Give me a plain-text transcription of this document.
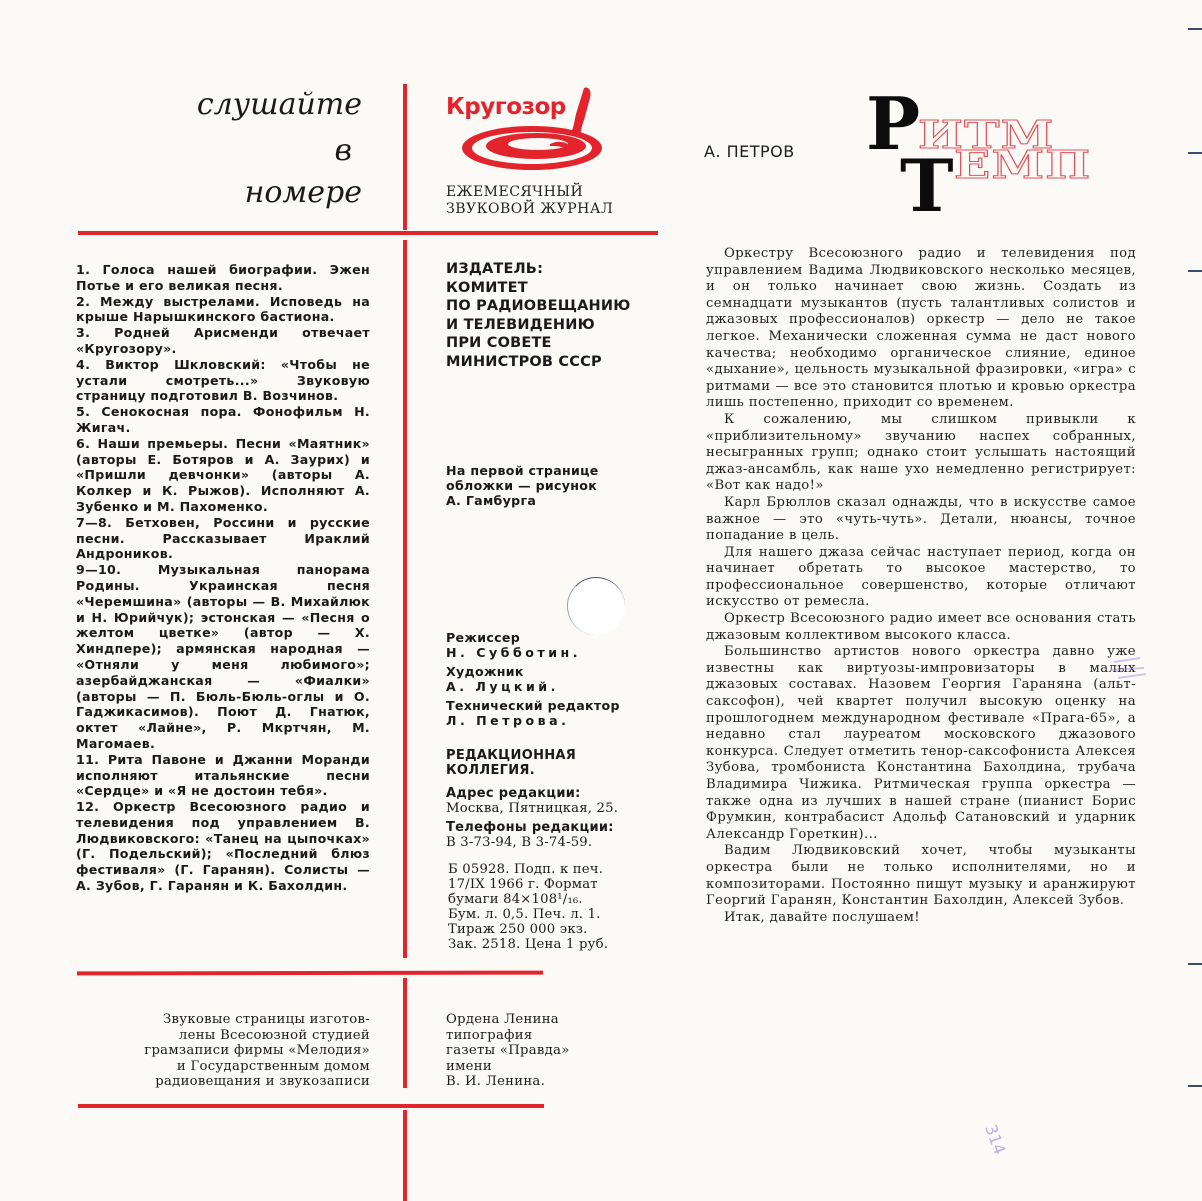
слушайте
в
номере
Кругозор
ЕЖЕМЕСЯЧНЫЙ
ЗВУКОВОЙ ЖУРНАЛ
А. ПЕТРОВ Р
ИТМ
Т ЕМП

1. Голоса нашей биографии. Эжен Потье и его великая песня.

2. Между выстрелами. Исповедь на крыше Нарышкинского бастиона.

3. Родней Арисменди отвечает «Кругозору».

4. Виктор Шкловский: «Чтобы не устали смотреть...» Звуковую страницу подготовил В. Возчинов.

5. Сенокосная пора. Фонофильм Н. Жигач.

6. Наши премьеры. Песни «Маятник» (авторы Е. Ботяров и А. Заурих) и «Пришли девчонки» (авторы А. Колкер и К. Рыжов). Исполняют А. Зубенко и М. Пахоменко.

7—8. Бетховен, Россини и русские песни. Рассказывает Ираклий Андроников.

9—10. Музыкальная панорама Родины. Украинская песня «Черемшина» (авторы — В. Михайлюк и Н. Юрийчук); эстонская — «Песня о желтом цветке» (автор — Х. Хиндпере); армянская народная — «Отняли у меня любимого»; азербайджанская — «Фиалки» (авторы — П. Бюль-Бюль-оглы и О. Гаджикасимов). Поют Д. Гнатюк, октет «Лайне», Р. Мкртчян, М. Магомаев.

11. Рита Павоне и Джанни Моранди исполняют итальянские песни «Сердце» и «Я не достоин тебя».

12. Оркестр Всесоюзного радио и телевидения под управлением В. Людвиковского: «Танец на цыпочках» (Г. Подельский); «Последний блюз фестиваля» (Г. Гаранян). Солисты — А. Зубов, Г. Гаранян и К. Бахолдин.

ИЗДАТЕЛЬ:
КОМИТЕТ
ПО РАДИОВЕЩАНИЮ
И ТЕЛЕВИДЕНИЮ
ПРИ СОВЕТЕ
МИНИСТРОВ СССР
На первой странице
обложки — рисунок
А. Гамбурга
Режиссер
Н. Субботин.
Художник
А. Луцкий.
Технический редактор
Л. Петрова.
РЕДАКЦИОННАЯ
КОЛЛЕГИЯ.
Адрес редакции:
Москва, Пятницкая, 25.
Телефоны редакции:
В 3-73-94, В 3-74-59.
Б 05928. Подп. к печ.
17/IX 1966 г. Формат
бумаги 84×108¹/₁₆.
Бум. л. 0,5. Печ. л. 1.
Тираж 250 000 экз.
Зак. 2518. Цена 1 руб.

Оркестру Всесоюзного радио и телевидения под управлением Вадима Людвиковского несколько месяцев, и он только начинает свою жизнь. Создать из семнадцати музыкантов (пусть талантливых солистов и джазовых профессионалов) оркестр — дело не такое легкое. Механически сложенная сумма не даст нового качества; необходимо органическое слияние, единое «дыхание», цельность музыкальной фразировки, «игра» с ритмами — все это становится плотью и кровью оркестра лишь постепенно, приходит со временем.

К сожалению, мы слишком привыкли к «приблизительному» звучанию наспех собранных, несыгранных групп; однако стоит услышать настоящий джаз-ансамбль, как наше ухо немедленно регистрирует: «Вот как надо!»

Карл Брюллов сказал однажды, что в искусстве самое важное — это «чуть-чуть». Детали, нюансы, точное попадание в цель.

Для нашего джаза сейчас наступает период, когда он начинает обретать то высокое мастерство, то профессиональное совершенство, которые отличают искусство от ремесла.

Оркестр Всесоюзного радио имеет все основания стать джазовым коллективом высокого класса.

Большинство артистов нового оркестра давно уже известны как виртуозы-импровизаторы в малых джазовых составах. Назовем Георгия Гараняна (альт-саксофон), чей квартет получил высокую оценку на прошлогоднем международном фестивале «Прага-65», а недавно стал лауреатом московского джазового конкурса. Следует отметить тенор-саксофониста Алексея Зубова, тромбониста Константина Бахолдина, трубача Владимира Чижика. Ритмическая группа оркестра — также одна из лучших в нашей стране (пианист Борис Фрумкин, контрабасист Адольф Сатановский и ударник Александр Горeткин)...

Вадим Людвиковский хочет, чтобы музыканты оркестра были не только исполнителями, но и композиторами. Постоянно пишут музыку и аранжируют Георгий Гаранян, Константин Бахолдин, Алексей Зубов.

Итак, давайте послушаем!

Звуковые страницы изготов-
лены Всесоюзной студией
грамзаписи фирмы «Мелодия»
и Государственным домом
радиовещания и звукозаписи
Ордена Ленина
типография
газеты «Правда»
имени
В. И. Ленина.
314
